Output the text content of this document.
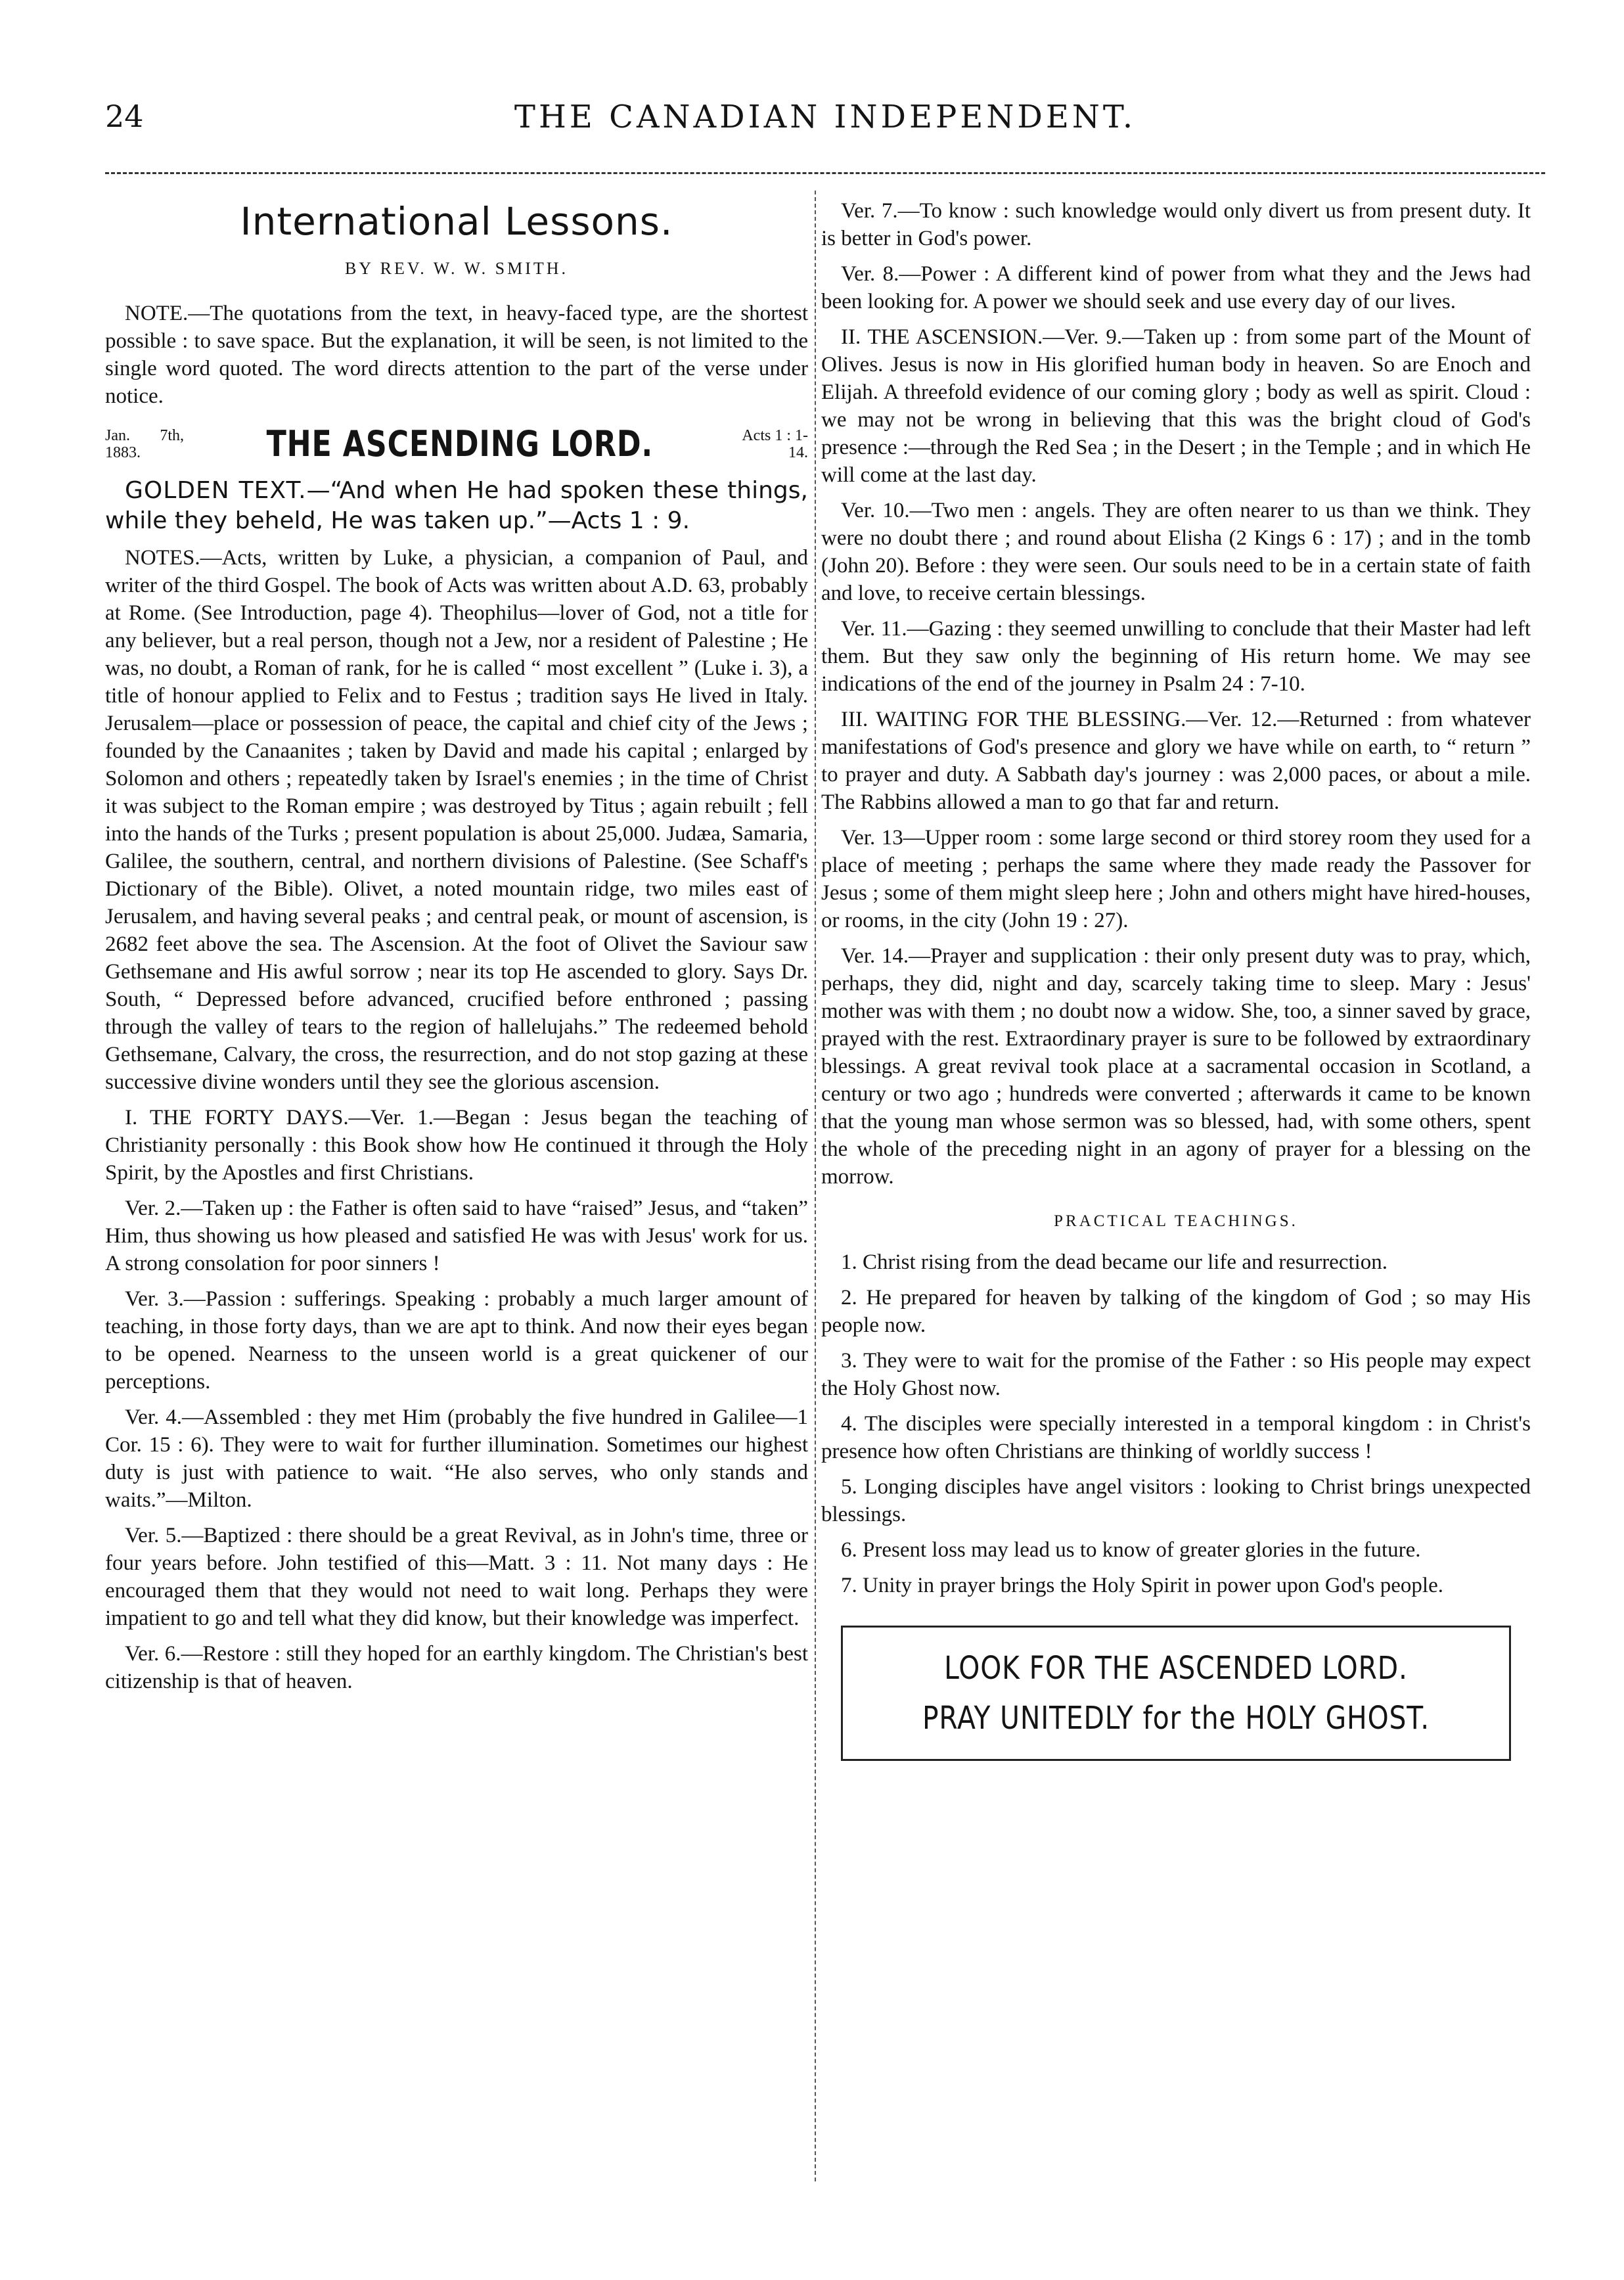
24	THE CANADIAN INDEPENDENT.
International Lessons.
BY REV. W. W. SMITH.

NOTE.—The quotations from the text, in heavy-faced type, are the shortest possible : to save space. But the explanation, it will be seen, is not limited to the single word quoted. The word directs attention to the part of the verse under notice.

Jan. 7th, 1883.	THE ASCENDING LORD.	Acts 1 : 1-14.

GOLDEN TEXT.—“And when He had spoken these things, while they beheld, He was taken up.”—Acts 1 : 9.

NOTES.—Acts, written by Luke, a physician, a companion of Paul, and writer of the third Gospel. The book of Acts was written about A.D. 63, probably at Rome. (See Introduction, page 4). Theophilus—lover of God, not a title for any believer, but a real person, though not a Jew, nor a resident of Palestine ; He was, no doubt, a Roman of rank, for he is called “ most excellent ” (Luke i. 3), a title of honour applied to Felix and to Festus ; tradition says He lived in Italy. Jerusalem—place or possession of peace, the capital and chief city of the Jews ; founded by the Canaanites ; taken by David and made his capital ; enlarged by Solomon and others ; repeatedly taken by Israel's enemies ; in the time of Christ it was subject to the Roman empire ; was destroyed by Titus ; again rebuilt ; fell into the hands of the Turks ; present population is about 25,000. Judæa, Samaria, Galilee, the southern, central, and northern divisions of Palestine. (See Schaff's Dictionary of the Bible). Olivet, a noted mountain ridge, two miles east of Jerusalem, and having several peaks ; and central peak, or mount of ascension, is 2682 feet above the sea. The Ascension. At the foot of Olivet the Saviour saw Gethsemane and His awful sorrow ; near its top He ascended to glory. Says Dr. South, “ Depressed before advanced, crucified before enthroned ; passing through the valley of tears to the region of hallelujahs.” The redeemed behold Gethsemane, Calvary, the cross, the resurrection, and do not stop gazing at these successive divine wonders until they see the glorious ascension.

I. THE FORTY DAYS.—Ver. 1.—Began : Jesus began the teaching of Christianity personally : this Book show how He continued it through the Holy Spirit, by the Apostles and first Christians.

Ver. 2.—Taken up : the Father is often said to have “raised” Jesus, and “taken” Him, thus showing us how pleased and satisfied He was with Jesus' work for us. A strong consolation for poor sinners !

Ver. 3.—Passion : sufferings. Speaking : probably a much larger amount of teaching, in those forty days, than we are apt to think. And now their eyes began to be opened. Nearness to the unseen world is a great quickener of our perceptions.

Ver. 4.—Assembled : they met Him (probably the five hundred in Galilee—1 Cor. 15 : 6). They were to wait for further illumination. Sometimes our highest duty is just with patience to wait. “He also serves, who only stands and waits.”—Milton.

Ver. 5.—Baptized : there should be a great Revival, as in John's time, three or four years before. John testified of this—Matt. 3 : 11. Not many days : He encouraged them that they would not need to wait long. Perhaps they were impatient to go and tell what they did know, but their knowledge was imperfect.

Ver. 6.—Restore : still they hoped for an earthly kingdom. The Christian's best citizenship is that of heaven.

Ver. 7.—To know : such knowledge would only divert us from present duty. It is better in God's power.

Ver. 8.—Power : A different kind of power from what they and the Jews had been looking for. A power we should seek and use every day of our lives.

II. THE ASCENSION.—Ver. 9.—Taken up : from some part of the Mount of Olives. Jesus is now in His glorified human body in heaven. So are Enoch and Elijah. A threefold evidence of our coming glory ; body as well as spirit. Cloud : we may not be wrong in believing that this was the bright cloud of God's presence :—through the Red Sea ; in the Desert ; in the Temple ; and in which He will come at the last day.

Ver. 10.—Two men : angels. They are often nearer to us than we think. They were no doubt there ; and round about Elisha (2 Kings 6 : 17) ; and in the tomb (John 20). Before : they were seen. Our souls need to be in a certain state of faith and love, to receive certain blessings.

Ver. 11.—Gazing : they seemed unwilling to conclude that their Master had left them. But they saw only the beginning of His return home. We may see indications of the end of the journey in Psalm 24 : 7-10.

III. WAITING FOR THE BLESSING.—Ver. 12.—Returned : from whatever manifestations of God's presence and glory we have while on earth, to “ return ” to prayer and duty. A Sabbath day's journey : was 2,000 paces, or about a mile. The Rabbins allowed a man to go that far and return.

Ver. 13—Upper room : some large second or third storey room they used for a place of meeting ; perhaps the same where they made ready the Passover for Jesus ; some of them might sleep here ; John and others might have hired-houses, or rooms, in the city (John 19 : 27).

Ver. 14.—Prayer and supplication : their only present duty was to pray, which, perhaps, they did, night and day, scarcely taking time to sleep. Mary : Jesus' mother was with them ; no doubt now a widow. She, too, a sinner saved by grace, prayed with the rest. Extraordinary prayer is sure to be followed by extraordinary blessings. A great revival took place at a sacramental occasion in Scotland, a century or two ago ; hundreds were converted ; afterwards it came to be known that the young man whose sermon was so blessed, had, with some others, spent the whole of the preceding night in an agony of prayer for a blessing on the morrow.

PRACTICAL TEACHINGS.

1. Christ rising from the dead became our life and resurrection.

2. He prepared for heaven by talking of the kingdom of God ; so may His people now.

3. They were to wait for the promise of the Father : so His people may expect the Holy Ghost now.

4. The disciples were specially interested in a temporal kingdom : in Christ's presence how often Christians are thinking of worldly success !

5. Longing disciples have angel visitors : looking to Christ brings unexpected blessings.

6. Present loss may lead us to know of greater glories in the future.

7. Unity in prayer brings the Holy Spirit in power upon God's people.

LOOK FOR THE ASCENDED LORD.
PRAY UNITEDLY for the HOLY GHOST.
